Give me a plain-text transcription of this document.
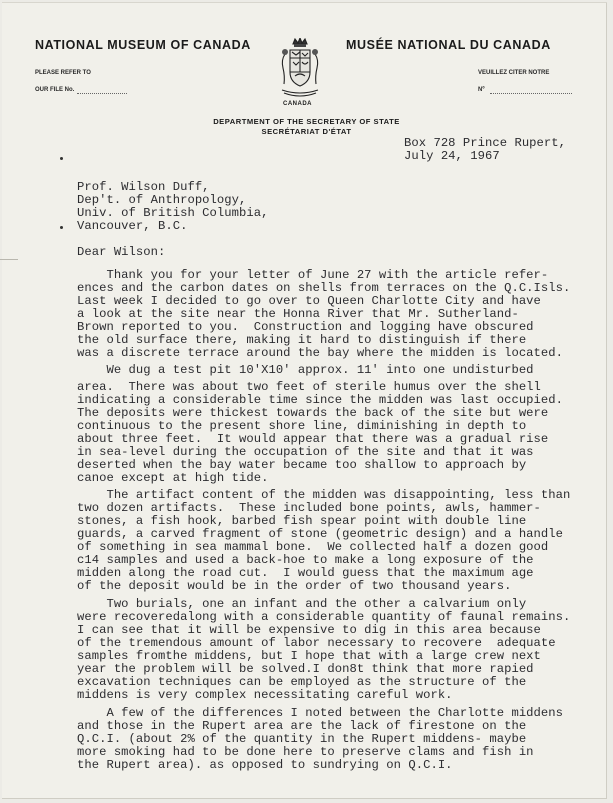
NATIONAL MUSEUM OF CANADA	MUSÉE NATIONAL DU CANADA
CANADA
PLEASE REFER TO
OUR FILE No.
VEUILLEZ CITER NOTRE
Nº
DEPARTMENT OF THE SECRETARY OF STATE
SECRÉTARIAT D'ÉTAT
Box 728 Prince Rupert,
July 24, 1967
Prof. Wilson Duff,
Dep't. of Anthropology,
Univ. of British Columbia,
Vancouver, B.C.
Dear Wilson:
Thank you for your letter of June 27 with the article refer-
ences and the carbon dates on shells from terraces on the Q.C.Isls.
Last week I decided to go over to Queen Charlotte City and have
a look at the site near the Honna River that Mr. Sutherland-
Brown reported to you.  Construction and logging have obscured
the old surface there, making it hard to distinguish if there
was a discrete terrace around the bay where the midden is located.
We dug a test pit 10'X10' approx. 11' into one undisturbed
area.  There was about two feet of sterile humus over the shell
indicating a considerable time since the midden was last occupied.
The deposits were thickest towards the back of the site but were
continuous to the present shore line, diminishing in depth to
about three feet.  It would appear that there was a gradual rise
in sea-level during the occupation of the site and that it was
deserted when the bay water became too shallow to approach by
canoe except at high tide.
The artifact content of the midden was disappointing, less than
two dozen artifacts.  These included bone points, awls, hammer-
stones, a fish hook, barbed fish spear point with double line
guards, a carved fragment of stone (geometric design) and a handle
of something in sea mammal bone.  We collected half a dozen good
c14 samples and used a back-hoe to make a long exposure of the
midden along the road cut.  I would guess that the maximum age
of the deposit would be in the order of two thousand years.
Two burials, one an infant and the other a calvarium only
were recoveredalong with a considerable quantity of faunal remains.
I can see that it will be expensive to dig in this area because
of the tremendous amount of labor necessary to recovere  adequate
samples fromthe middens, but I hope that with a large crew next
year the problem will be solved.I don8t think that more rapied
excavation techniques can be employed as the structure of the
middens is very complex necessitating careful work.
A few of the differences I noted between the Charlotte middens
and those in the Rupert area are the lack of firestone on the
Q.C.I. (about 2% of the quantity in the Rupert middens- maybe
more smoking had to be done here to preserve clams and fish in
the Rupert area). as opposed to sundrying on Q.C.I.
